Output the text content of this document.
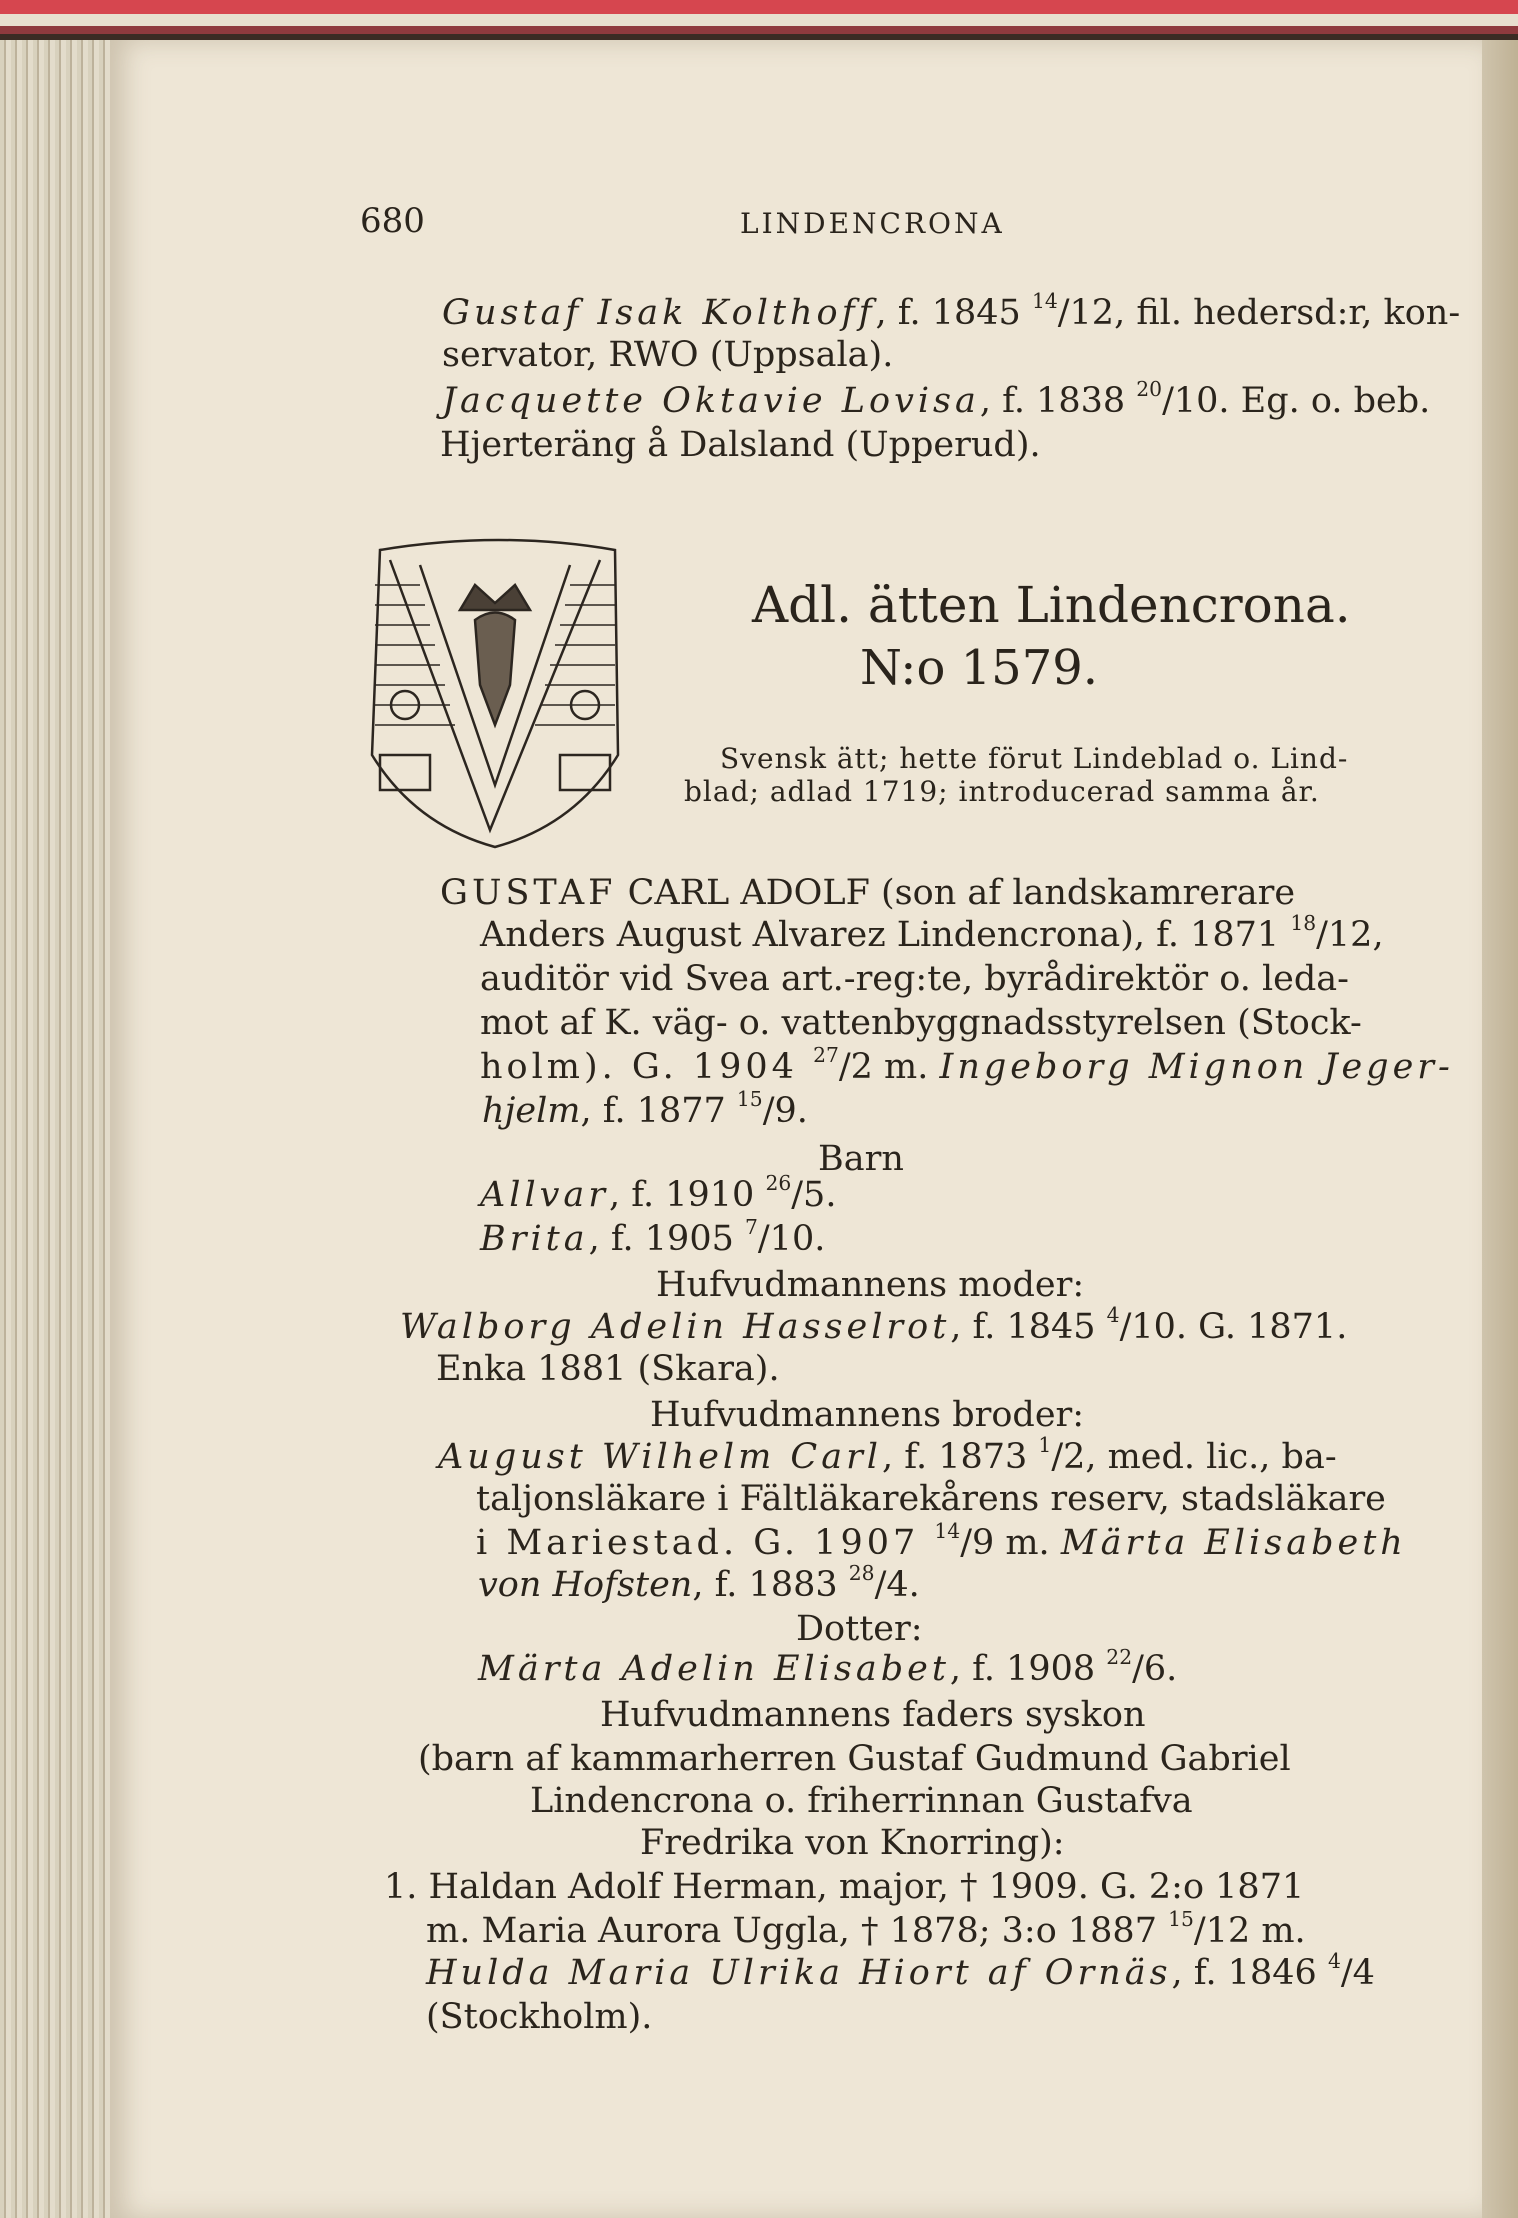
680	LINDENCRONA
Gustaf Isak Kolthoff, f. 1845 $^{14}$/12, fil. hedersd:r, kon-
servator, RWO (Uppsala).
Jacquette Oktavie Lovisa, f. 1838 $^{20}$/10. Eg. o. beb.
Hjerteräng å Dalsland (Upperud).
Adl. ätten Lindencrona.
N:o 1579.
Svensk ätt; hette förut Lindeblad o. Lind-
blad; adlad 1719; introducerad samma år.
GUSTAF CARL ADOLF (son af landskamrerare
Anders August Alvarez Lindencrona), f. 1871 $^{18}$/12,
auditör vid Svea art.-reg:te, byrådirektör o. leda-
mot af K. väg- o. vattenbyggnadsstyrelsen (Stock-
holm). G. 1904 $^{27}$/2 m. Ingeborg Mignon Jeger-
hjelm, f. 1877 $^{15}$/9.
Barn
Allvar, f. 1910 $^{26}$/5.
Brita, f. 1905 $^7$/10.
Hufvudmannens moder:
Walborg Adelin Hasselrot, f. 1845 $^4$/10. G. 1871.
Enka 1881 (Skara).
Hufvudmannens broder:
August Wilhelm Carl, f. 1873 $^1$/2, med. lic., ba-
taljonsläkare i Fältläkarekårens reserv, stadsläkare
i Mariestad. G. 1907 $^{14}$/9 m. Märta Elisabeth
von Hofsten, f. 1883 $^{28}$/4.
Dotter:
Märta Adelin Elisabet, f. 1908 $^{22}$/6.
Hufvudmannens faders syskon
(barn af kammarherren Gustaf Gudmund Gabriel
Lindencrona o. friherrinnan Gustafva
Fredrika von Knorring):
1. Haldan Adolf Herman, major, † 1909. G. 2:o 1871
m. Maria Aurora Uggla, † 1878; 3:o 1887 $^{15}$/12 m.
Hulda Maria Ulrika Hiort af Ornäs, f. 1846 $^4$/4
(Stockholm).
